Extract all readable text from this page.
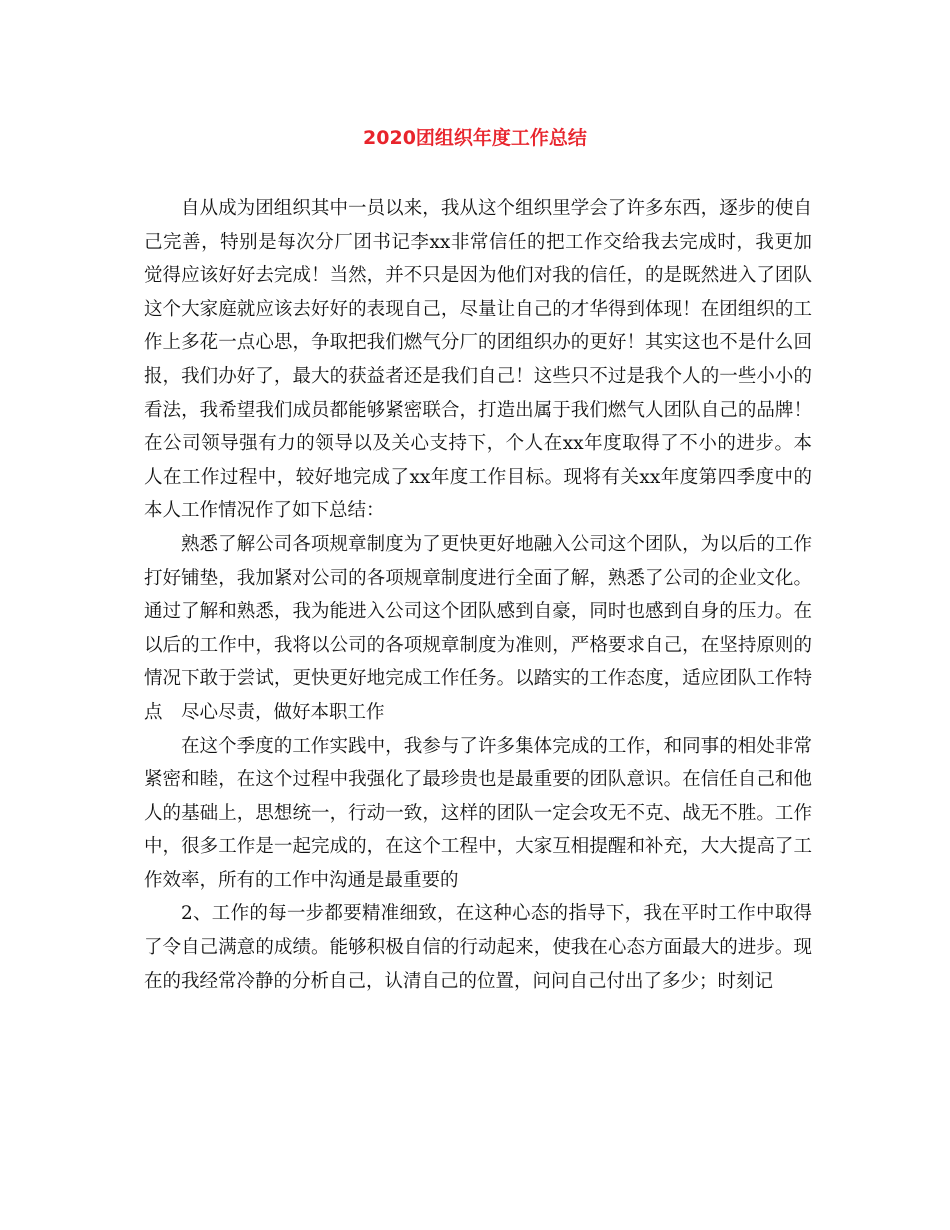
2020团组织年度工作总结

自从成为团组织其中一员以来，我从这个组织里学会了许多东西，逐步的使自己完善，特别是每次分厂团书记李xx非常信任的把工作交给我去完成时，我更加觉得应该好好去完成！当然，并不只是因为他们对我的信任，的是既然进入了团队这个大家庭就应该去好好的表现自己，尽量让自己的才华得到体现！在团组织的工作上多花一点心思，争取把我们燃气分厂的团组织办的更好！其实这也不是什么回报，我们办好了，最大的获益者还是我们自己！这些只不过是我个人的一些小小的看法，我希望我们成员都能够紧密联合，打造出属于我们燃气人团队自己的品牌！在公司领导强有力的领导以及关心支持下，个人在xx年度取得了不小的进步。本人在工作过程中，较好地完成了xx年度工作目标。现将有关xx年度第四季度中的本人工作情况作了如下总结：

熟悉了解公司各项规章制度为了更快更好地融入公司这个团队，为以后的工作打好铺垫，我加紧对公司的各项规章制度进行全面了解，熟悉了公司的企业文化。通过了解和熟悉，我为能进入公司这个团队感到自豪，同时也感到自身的压力。在以后的工作中，我将以公司的各项规章制度为准则，严格要求自己，在坚持原则的情况下敢于尝试，更快更好地完成工作任务。以踏实的工作态度，适应团队工作特点　尽心尽责，做好本职工作

在这个季度的工作实践中，我参与了许多集体完成的工作，和同事的相处非常紧密和睦，在这个过程中我强化了最珍贵也是最重要的团队意识。在信任自己和他人的基础上，思想统一，行动一致，这样的团队一定会攻无不克、战无不胜。工作中，很多工作是一起完成的，在这个工程中，大家互相提醒和补充，大大提高了工作效率，所有的工作中沟通是最重要的

2、工作的每一步都要精准细致，在这种心态的指导下，我在平时工作中取得了令自己满意的成绩。能够积极自信的行动起来，使我在心态方面最大的进步。现在的我经常冷静的分析自己，认清自己的位置，问问自己付出了多少；时刻记
